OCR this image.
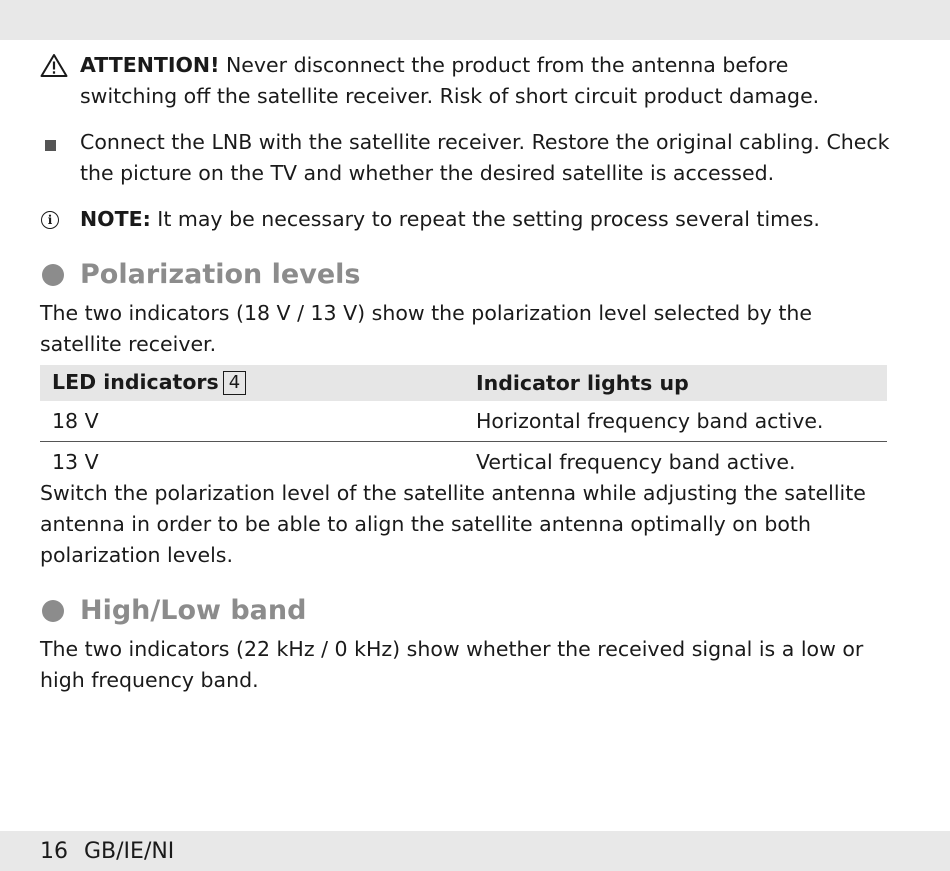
ATTENTION! Never disconnect the product from the antenna before switching off the satellite receiver. Risk of short circuit product damage.
Connect the LNB with the satellite receiver. Restore the original cabling. Check the picture on the TV and whether the desired satellite is accessed.
i	NOTE: It may be necessary to repeat the setting process several times.
Polarization levels
The two indicators (18 V / 13 V) show the polarization level selected by the satellite receiver.
LED indicators 4	Indicator lights up
18 V	Horizontal frequency band active.
13 V	Vertical frequency band active.
Switch the polarization level of the satellite antenna while adjusting the satellite antenna in order to be able to align the satellite antenna optimally on both polarization levels.
High/Low band
The two indicators (22 kHz / 0 kHz) show whether the received signal is a low or high frequency band.
16 GB/IE/NI
